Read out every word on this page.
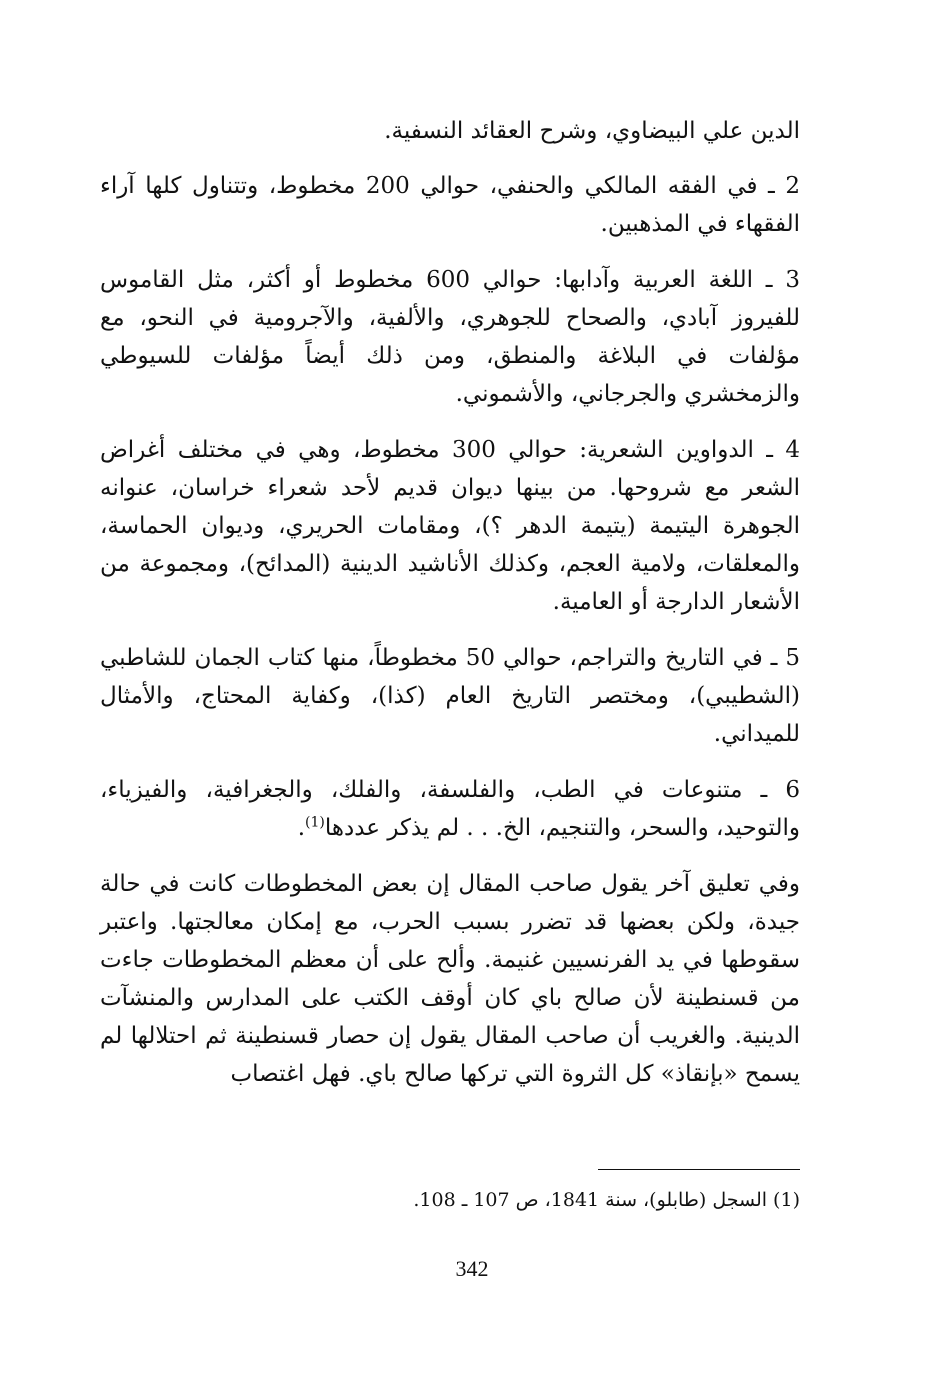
الدين علي البيضاوي، وشرح العقائد النسفية.

2 ـ في الفقه المالكي والحنفي، حوالي 200 مخطوط، وتتناول كلها آراء الفقهاء في المذهبين.

3 ـ اللغة العربية وآدابها: حوالي 600 مخطوط أو أكثر، مثل القاموس للفيروز آبادي، والصحاح للجوهري، والألفية، والآجرومية في النحو، مع مؤلفات في البلاغة والمنطق، ومن ذلك أيضاً مؤلفات للسيوطي والزمخشري والجرجاني، والأشموني.

4 ـ الدواوين الشعرية: حوالي 300 مخطوط، وهي في مختلف أغراض الشعر مع شروحها. من بينها ديوان قديم لأحد شعراء خراسان، عنوانه الجوهرة اليتيمة (يتيمة الدهر ؟)، ومقامات الحريري، وديوان الحماسة، والمعلقات، ولامية العجم، وكذلك الأناشيد الدينية (المدائح)، ومجموعة من الأشعار الدارجة أو العامية.

5 ـ في التاريخ والتراجم، حوالي 50 مخطوطاً، منها كتاب الجمان للشاطبي (الشطيبي)، ومختصر التاريخ العام (كذا)، وكفاية المحتاج، والأمثال للميداني.

6 ـ متنوعات في الطب، والفلسفة، والفلك، والجغرافية، والفيزياء، والتوحيد، والسحر، والتنجيم، الخ. . . لم يذكر عددها$^{(1)}$.

وفي تعليق آخر يقول صاحب المقال إن بعض المخطوطات كانت في حالة جيدة، ولكن بعضها قد تضرر بسبب الحرب، مع إمكان معالجتها. واعتبر سقوطها في يد الفرنسيين غنيمة. وألح على أن معظم المخطوطات جاءت من قسنطينة لأن صالح باي كان أوقف الكتب على المدارس والمنشآت الدينية. والغريب أن صاحب المقال يقول إن حصار قسنطينة ثم احتلالها لم يسمح «بإنقاذ» كل الثروة التي تركها صالح باي. فهل اغتصاب

(1) السجل (طابلو)، سنة 1841، ص 107 ـ 108.
342
